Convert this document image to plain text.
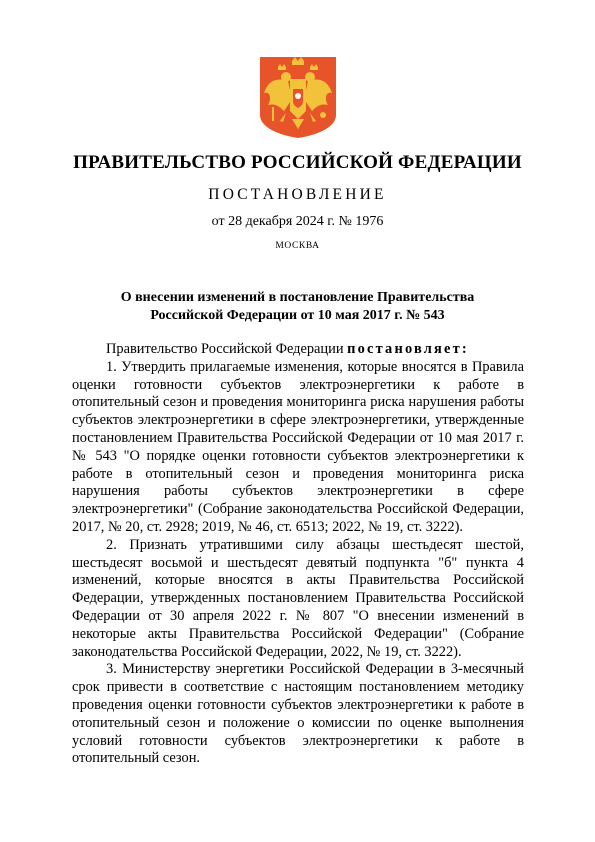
ПРАВИТЕЛЬСТВО РОССИЙСКОЙ ФЕДЕРАЦИИ
ПОСТАНОВЛЕНИЕ
от 28 декабря 2024 г. № 1976
МОСКВА
О внесении изменений в постановление Правительства
Российской Федерации от 10 мая 2017 г. № 543

Правительство Российской Федерации постановляет:

1. Утвердить прилагаемые изменения, которые вносятся в Правила оценки готовности субъектов электроэнергетики к работе в отопительный сезон и проведения мониторинга риска нарушения работы субъектов электроэнергетики в сфере электроэнергетики, утвержденные постановлением Правительства Российской Федерации от 10 мая 2017 г. № 543 "О порядке оценки готовности субъектов электроэнергетики к работе в отопительный сезон и проведения мониторинга риска нарушения работы субъектов электроэнергетики в сфере электроэнергетики" (Собрание законодательства Российской Федерации, 2017, № 20, ст. 2928; 2019, № 46, ст. 6513; 2022, № 19, ст. 3222).

2. Признать утратившими силу абзацы шестьдесят шестой, шестьдесят восьмой и шестьдесят девятый подпункта "б" пункта 4 изменений, которые вносятся в акты Правительства Российской Федерации, утвержденных постановлением Правительства Российской Федерации от 30 апреля 2022 г. № 807 "О внесении изменений в некоторые акты Правительства Российской Федерации" (Собрание законодательства Российской Федерации, 2022, № 19, ст. 3222).

3. Министерству энергетики Российской Федерации в 3-месячный срок привести в соответствие с настоящим постановлением методику проведения оценки готовности субъектов электроэнергетики к работе в отопительный сезон и положение о комиссии по оценке выполнения условий готовности субъектов электроэнергетики к работе в отопительный сезон.
